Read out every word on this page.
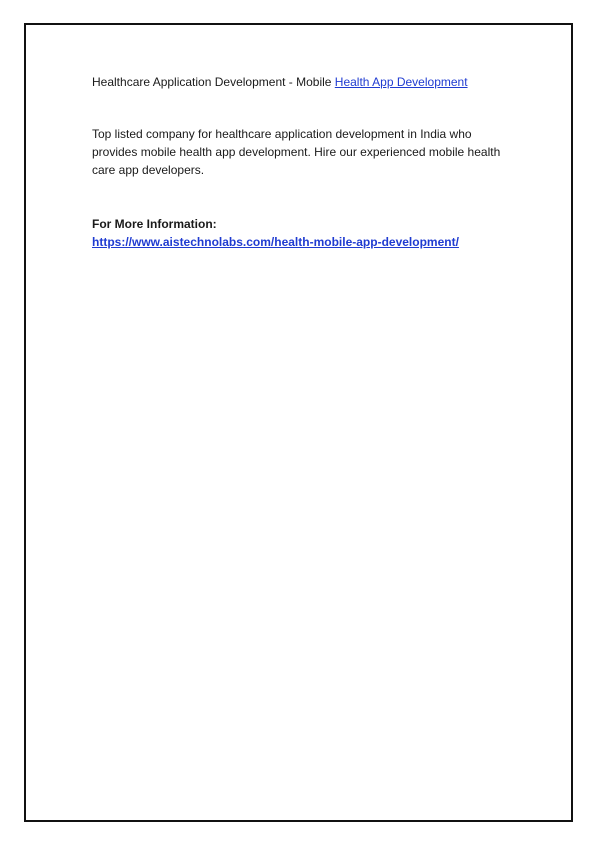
Healthcare Application Development - Mobile Health App Development

Top listed company for healthcare application development in India who provides mobile health app development. Hire our experienced mobile health care app developers.

For More Information:

https://www.aistechnolabs.com/health-mobile-app-development/
